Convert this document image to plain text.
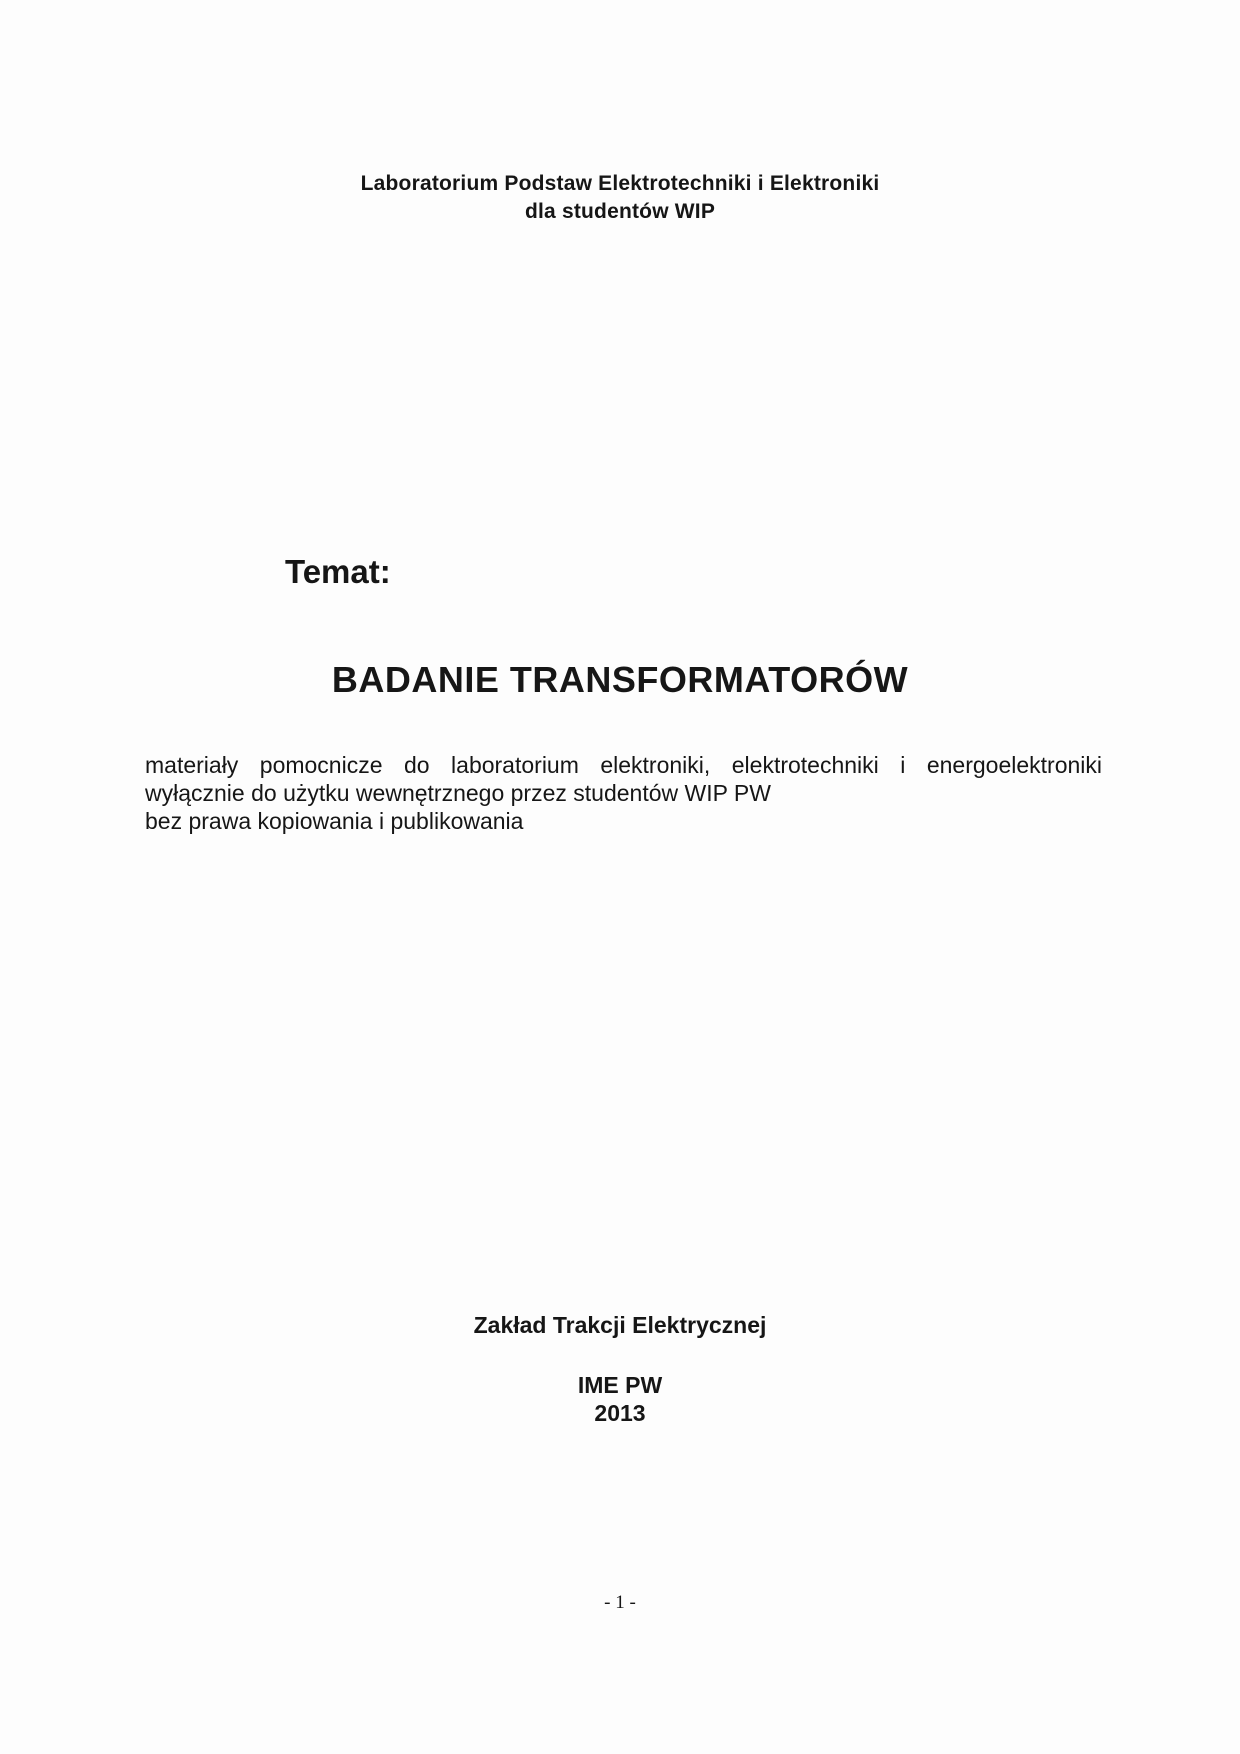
Laboratorium Podstaw Elektrotechniki i Elektroniki
dla studentów WIP
Temat:
BADANIE TRANSFORMATORÓW
materiały pomocnicze do laboratorium elektroniki, elektrotechniki i energoelektroniki
wyłącznie do użytku wewnętrznego przez studentów WIP PW
bez prawa kopiowania i publikowania
Zakład Trakcji Elektrycznej
IME PW
2013
- 1 -
